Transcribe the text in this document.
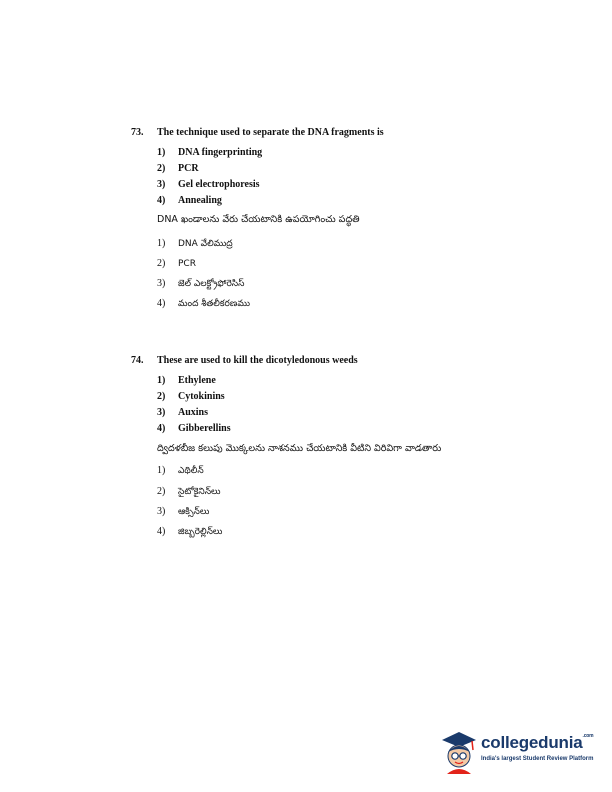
73. The technique used to separate the DNA fragments is
1) DNA fingerprinting
2) PCR
3) Gel electrophoresis
4) Annealing
DNA ఖండాలను వేరు చేయటానికి ఉపయోగించు పద్ధతి
1) DNA వేలిముద్ర
2) PCR
3) జెల్ ఎలక్ట్రోఫోరెసిస్
4) మంద శీతలీకరణము
74. These are used to kill the dicotyledonous weeds
1) Ethylene
2) Cytokinins
3) Auxins
4) Gibberellins
ద్విదళబీజ కలుపు మొక్కలను నాశనము చేయటానికి వీటిని విరివిగా వాడతారు
1) ఎథిలీన్
2) సైటోకైనిన్‌లు
3) ఆక్సిన్‌లు
4) జిబ్బరెల్లిన్‌లు
collegedunia$^{.com}$
India's largest Student Review Platform
